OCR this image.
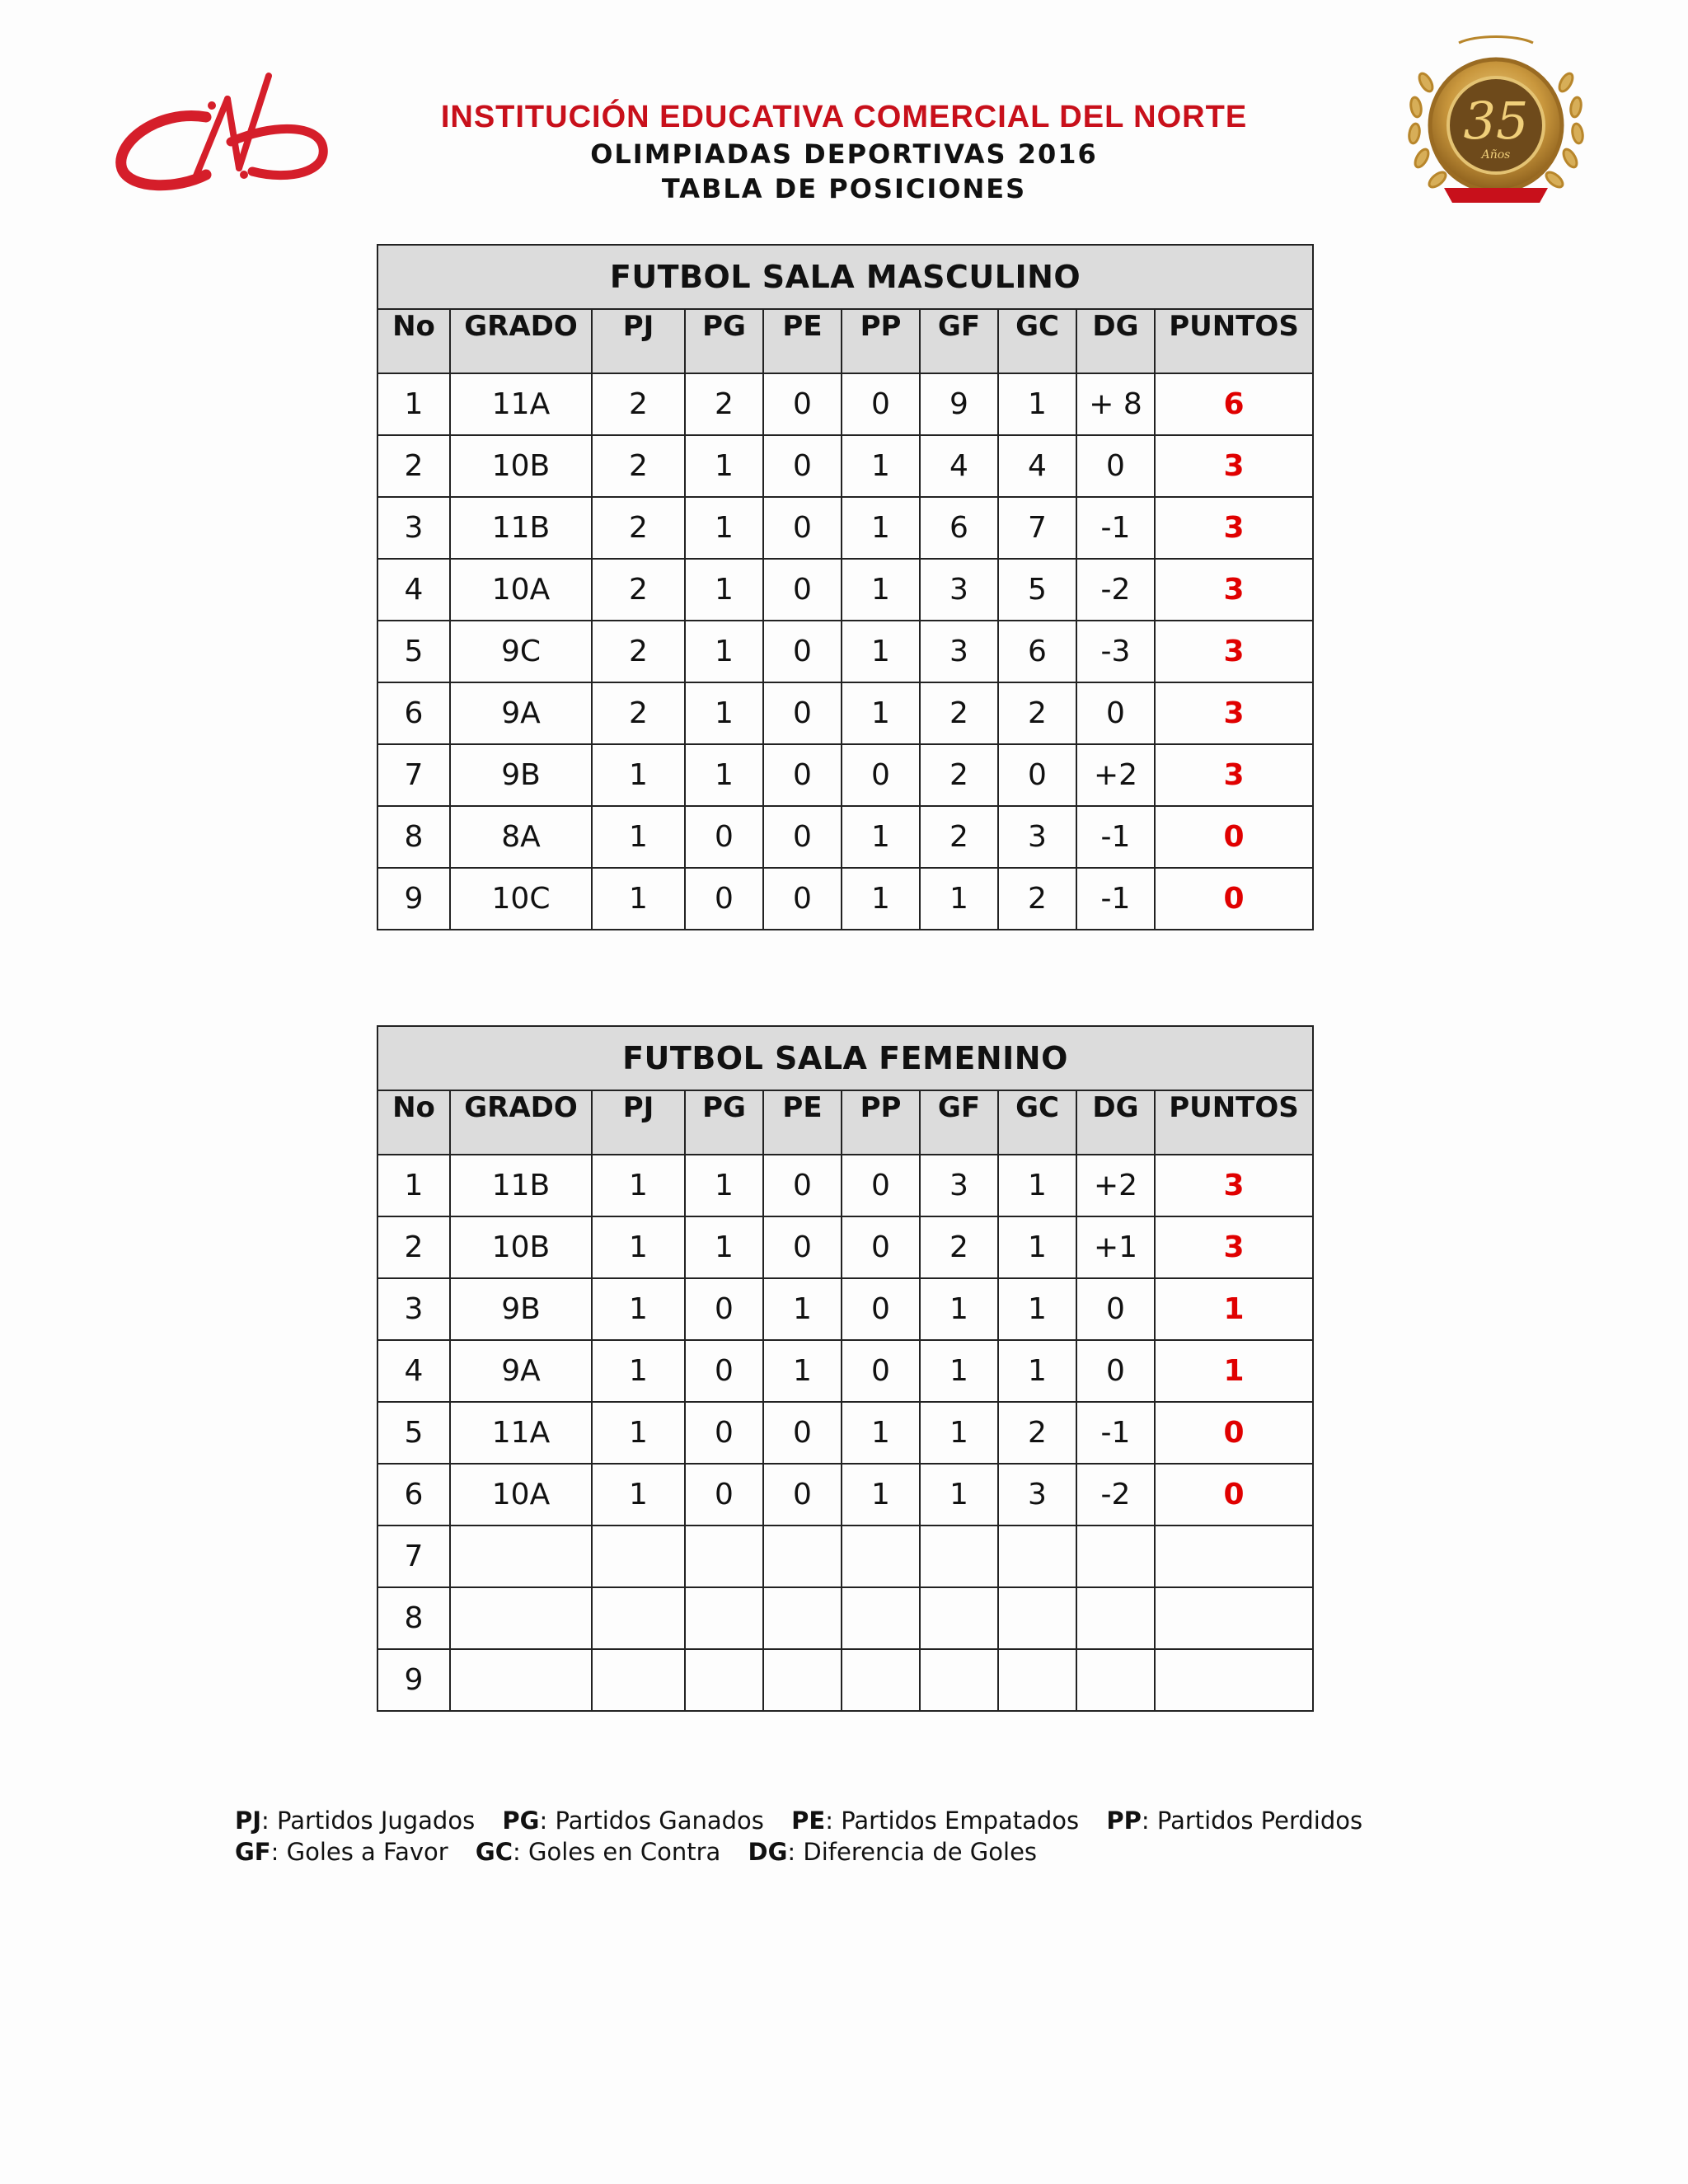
35
Años
INSTITUCIÓN EDUCATIVA COMERCIAL DEL NORTE
OLIMPIADAS DEPORTIVAS 2016
TABLA DE POSICIONES
FUTBOL SALA MASCULINO									
No	GRADO	PJ	PG	PE	PP	GF	GC	DG	PUNTOS
1	11A	2	2	0	0	9	1	+ 8	6
2	10B	2	1	0	1	4	4	0	3
3	11B	2	1	0	1	6	7	-1	3
4	10A	2	1	0	1	3	5	-2	3
5	9C	2	1	0	1	3	6	-3	3
6	9A	2	1	0	1	2	2	0	3
7	9B	1	1	0	0	2	0	+2	3
8	8A	1	0	0	1	2	3	-1	0
9	10C	1	0	0	1	1	2	-1	0
FUTBOL SALA FEMENINO									
No	GRADO	PJ	PG	PE	PP	GF	GC	DG	PUNTOS
1	11B	1	1	0	0	3	1	+2	3
2	10B	1	1	0	0	2	1	+1	3
3	9B	1	0	1	0	1	1	0	1
4	9A	1	0	1	0	1	1	0	1
5	11A	1	0	0	1	1	2	-1	0
6	10A	1	0	0	1	1	3	-2	0
7									
8									
9									
PJ: Partidos Jugados PG: Partidos Ganados PE: Partidos Empatados PP: Partidos Perdidos
GF: Goles a Favor GC: Goles en Contra DG: Diferencia de Goles
